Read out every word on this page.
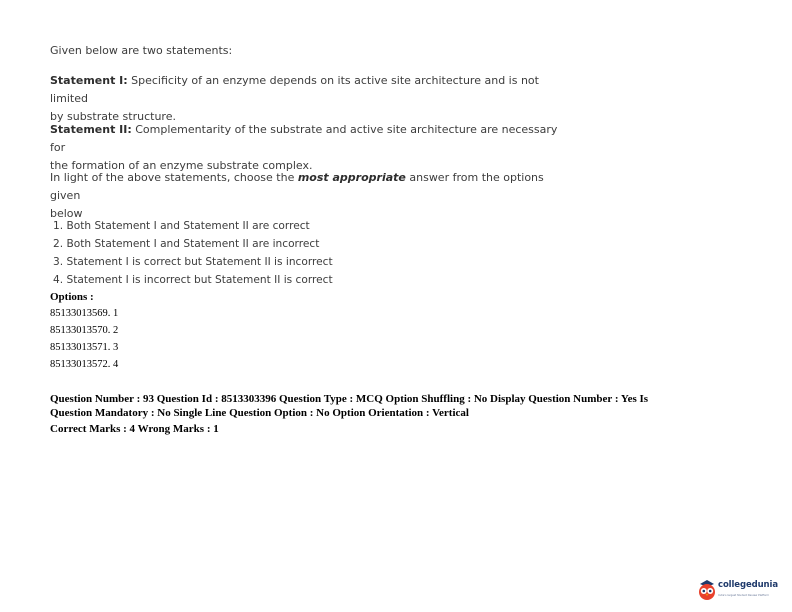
Given below are two statements:
Statement I: Specificity of an enzyme depends on its active site architecture and is not limited
by substrate structure.
Statement II: Complementarity of the substrate and active site architecture are necessary for
the formation of an enzyme substrate complex.
In light of the above statements, choose the most appropriate answer from the options given
below
1. Both Statement I and Statement II are correct
2. Both Statement I and Statement II are incorrect
3. Statement I is correct but Statement II is incorrect
4. Statement I is incorrect but Statement II is correct
Options :
85133013569. 1
85133013570. 2
85133013571. 3
85133013572. 4
Question Number : 93 Question Id : 8513303396 Question Type : MCQ Option Shuffling : No Display Question Number : Yes Is
Question Mandatory : No Single Line Question Option : No Option Orientation : Vertical
Correct Marks : 4 Wrong Marks : 1
collegedunia
India's largest Student Review Platform
